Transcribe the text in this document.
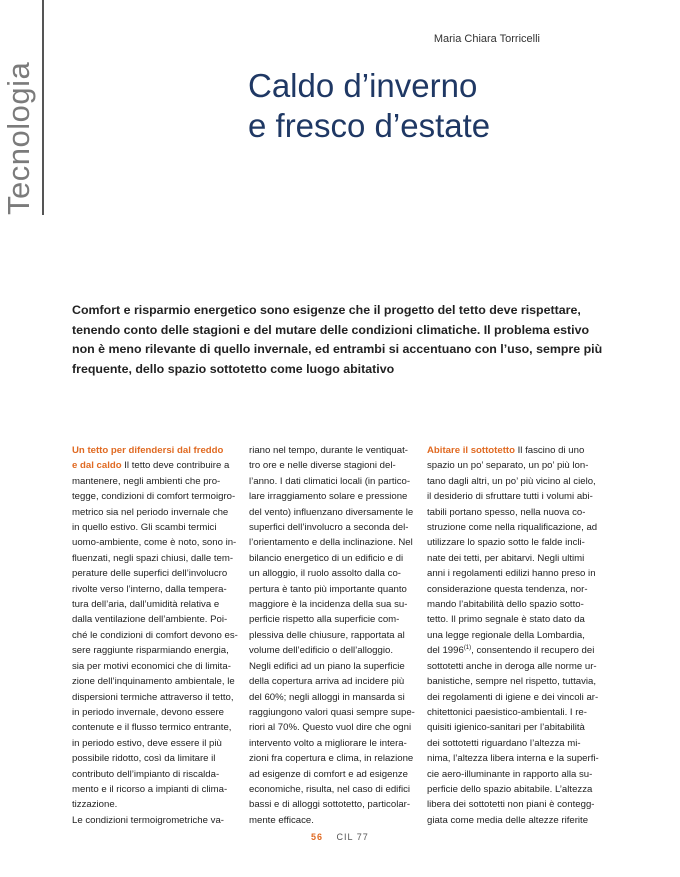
Tecnologia
Maria Chiara Torricelli
Caldo d’inverno
e fresco d’estate
Comfort e risparmio energetico sono esigenze che il progetto del tetto deve rispettare, tenendo conto delle stagioni e del mutare delle condizioni climatiche. Il problema estivo non è meno rilevante di quello invernale, ed entrambi si accentuano con l’uso, sempre più frequente, dello spazio sottotetto come luogo abitativo
Un tetto per difendersi dal freddo
e dal caldo Il tetto deve contribuire a
mantenere, negli ambienti che pro-
tegge, condizioni di comfort termoigro-
metrico sia nel periodo invernale che
in quello estivo. Gli scambi termici
uomo-ambiente, come è noto, sono in-
fluenzati, negli spazi chiusi, dalle tem-
perature delle superfici dell’involucro
rivolte verso l’interno, dalla tempera-
tura dell’aria, dall’umidità relativa e
dalla ventilazione dell’ambiente. Poi-
ché le condizioni di comfort devono es-
sere raggiunte risparmiando energia,
sia per motivi economici che di limita-
zione dell’inquinamento ambientale, le
dispersioni termiche attraverso il tetto,
in periodo invernale, devono essere
contenute e il flusso termico entrante,
in periodo estivo, deve essere il più
possibile ridotto, così da limitare il
contributo dell’impianto di riscalda-
mento e il ricorso a impianti di clima-
tizzazione.
Le condizioni termoigrometriche va-
riano nel tempo, durante le ventiquat-
tro ore e nelle diverse stagioni del-
l’anno. I dati climatici locali (in partico-
lare irraggiamento solare e pressione
del vento) influenzano diversamente le
superfici dell’involucro a seconda del-
l’orientamento e della inclinazione. Nel
bilancio energetico di un edificio e di
un alloggio, il ruolo assolto dalla co-
pertura è tanto più importante quanto
maggiore è la incidenza della sua su-
perficie rispetto alla superficie com-
plessiva delle chiusure, rapportata al
volume dell’edificio o dell’alloggio.
Negli edifici ad un piano la superficie
della copertura arriva ad incidere più
del 60%; negli alloggi in mansarda si
raggiungono valori quasi sempre supe-
riori al 70%. Questo vuol dire che ogni
intervento volto a migliorare le intera-
zioni fra copertura e clima, in relazione
ad esigenze di comfort e ad esigenze
economiche, risulta, nel caso di edifici
bassi e di alloggi sottotetto, particolar-
mente efficace.
Abitare il sottotetto Il fascino di uno
spazio un po’ separato, un po’ più lon-
tano dagli altri, un po’ più vicino al cielo,
il desiderio di sfruttare tutti i volumi abi-
tabili portano spesso, nella nuova co-
struzione come nella riqualificazione, ad
utilizzare lo spazio sotto le falde incli-
nate dei tetti, per abitarvi. Negli ultimi
anni i regolamenti edilizi hanno preso in
considerazione questa tendenza, nor-
mando l’abitabilità dello spazio sotto-
tetto. Il primo segnale è stato dato da
una legge regionale della Lombardia,
del 1996$^{(1)}$, consentendo il recupero dei
sottotetti anche in deroga alle norme ur-
banistiche, sempre nel rispetto, tuttavia,
dei regolamenti di igiene e dei vincoli ar-
chitettonici paesistico-ambientali. I re-
quisiti igienico-sanitari per l’abitabilità
dei sottotetti riguardano l’altezza mi-
nima, l’altezza libera interna e la superfi-
cie aero-illuminante in rapporto alla su-
perficie dello spazio abitabile. L’altezza
libera dei sottotetti non piani è contegg-
giata come media delle altezze riferite
56 CIL 77
